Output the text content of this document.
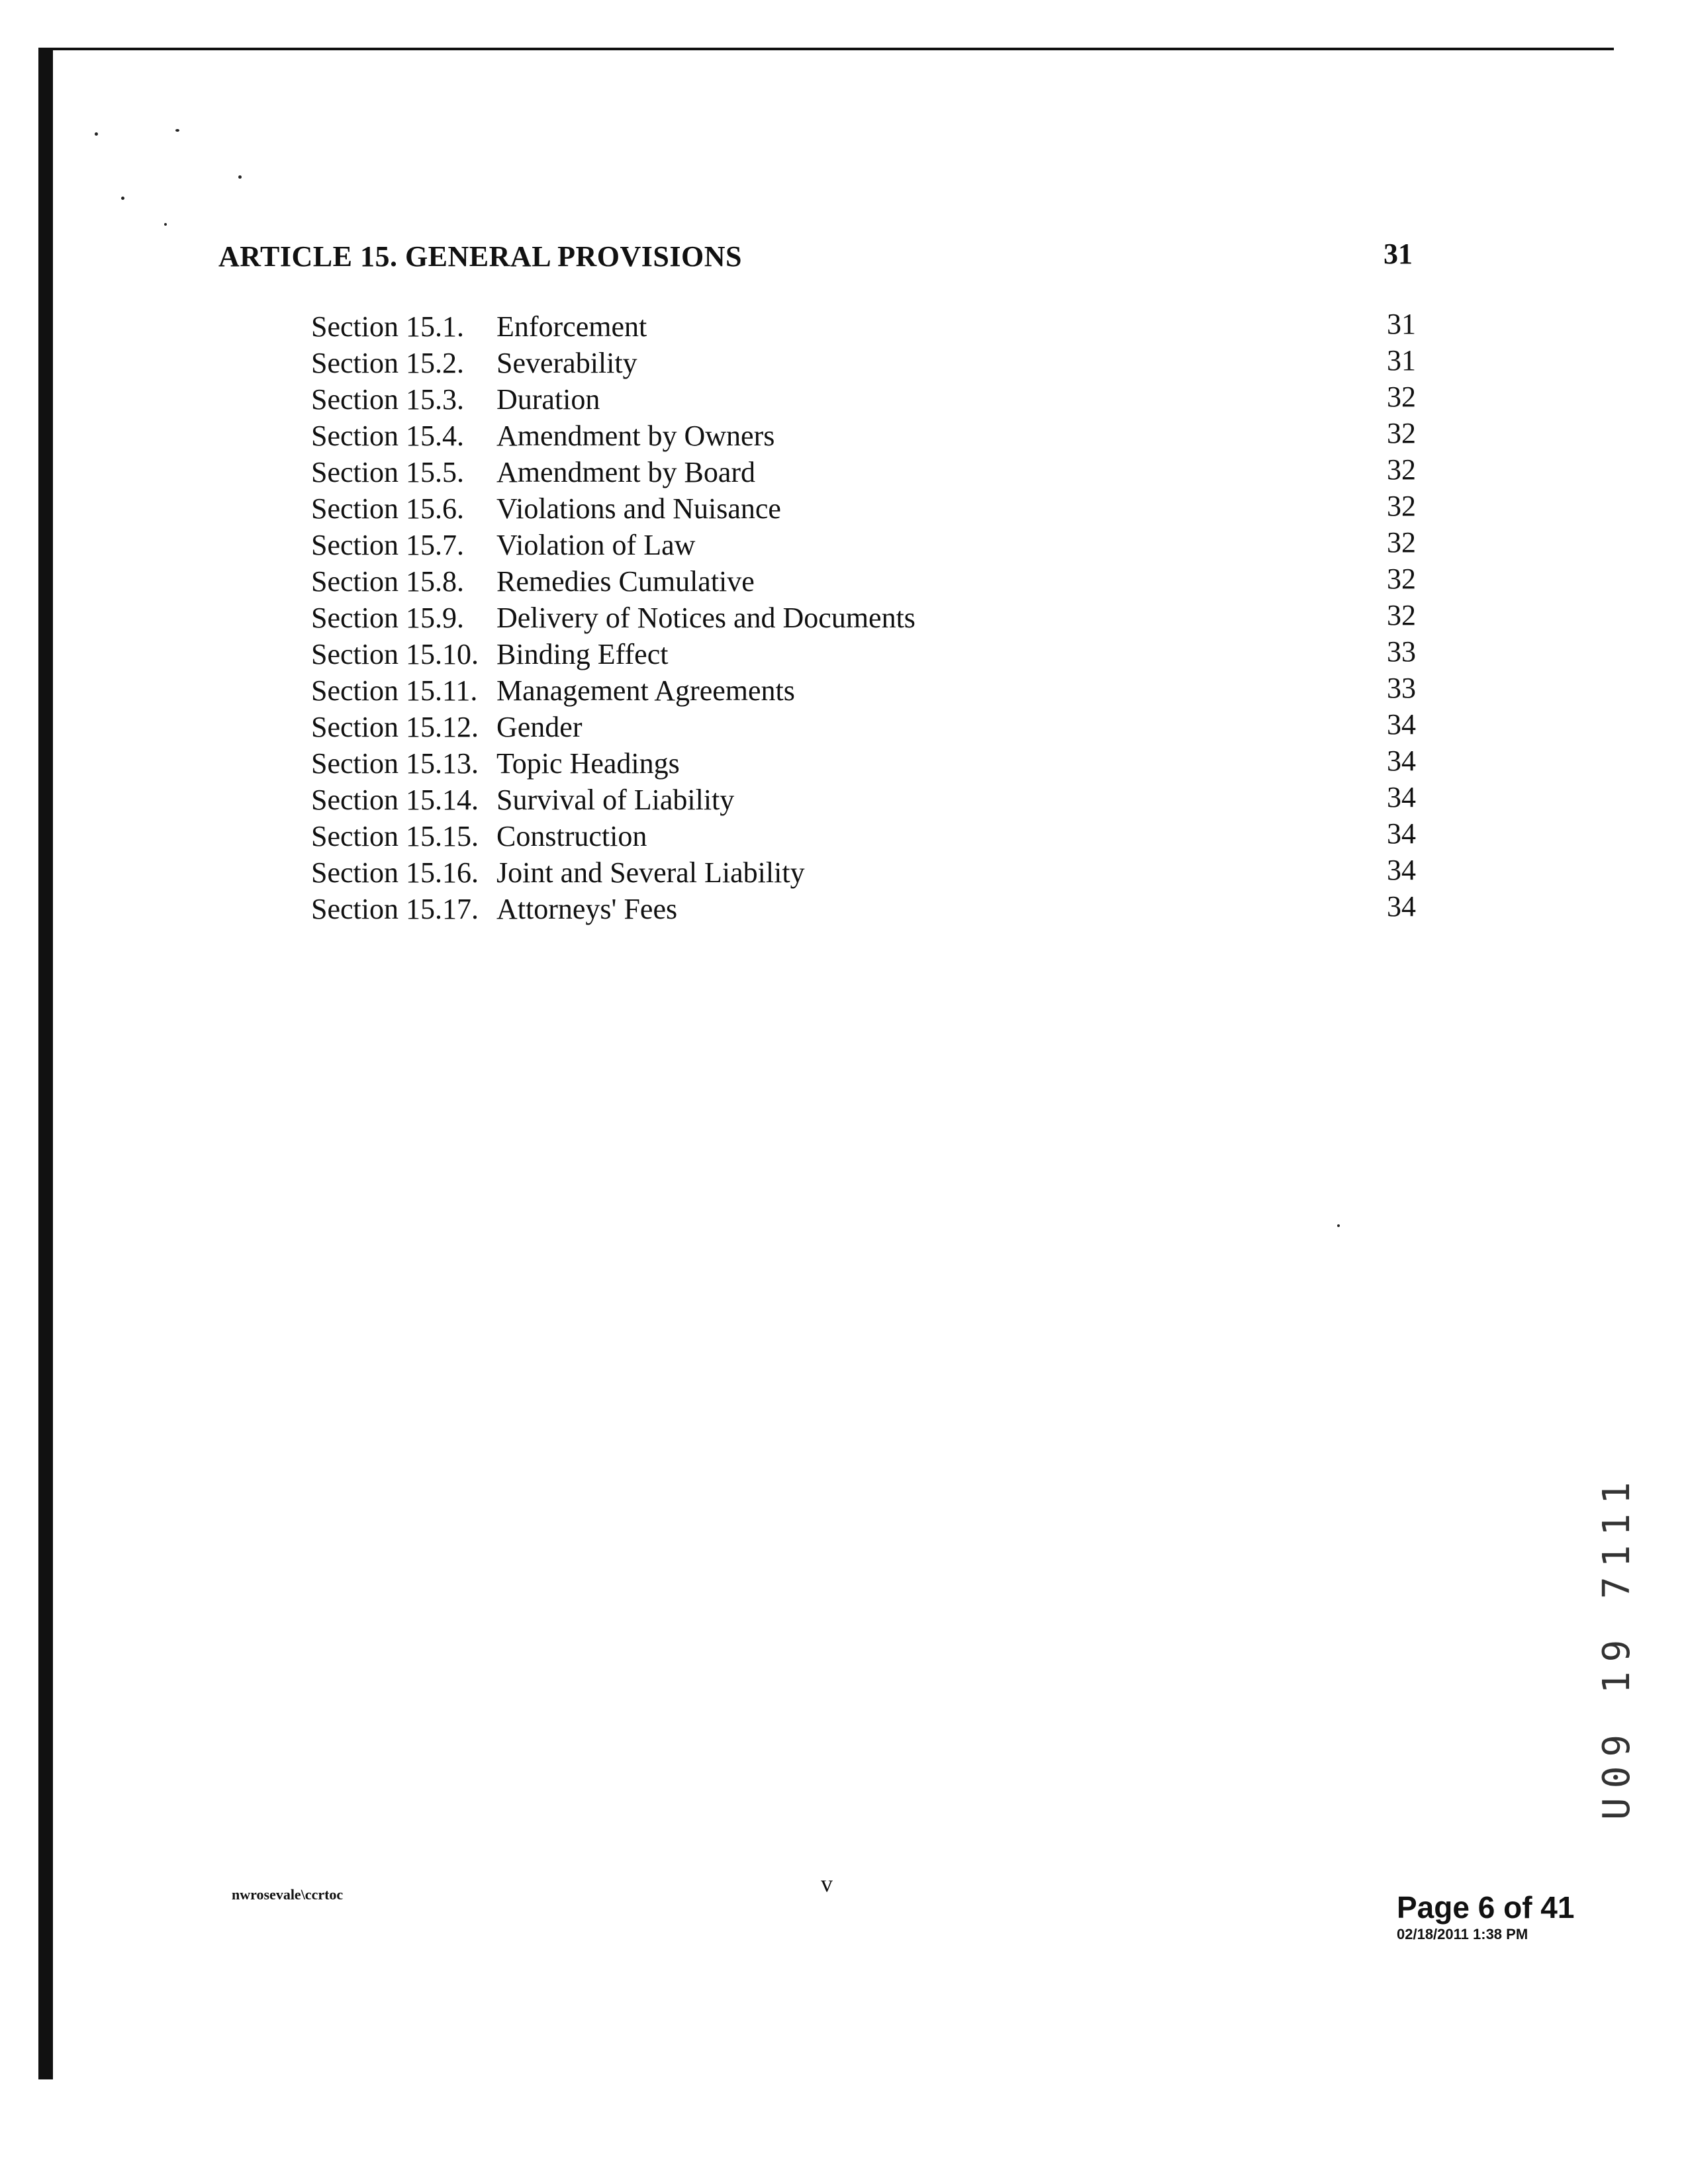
ARTICLE 15. GENERAL PROVISIONS	31
Section 15.1. Enforcement	31
Section 15.2. Severability	31
Section 15.3. Duration	32
Section 15.4. Amendment by Owners	32
Section 15.5. Amendment by Board	32
Section 15.6. Violations and Nuisance	32
Section 15.7. Violation of Law	32
Section 15.8. Remedies Cumulative	32
Section 15.9. Delivery of Notices and Documents	32
Section 15.10. Binding Effect	33
Section 15.11. Management Agreements	33
Section 15.12. Gender	34
Section 15.13. Topic Headings	34
Section 15.14. Survival of Liability	34
Section 15.15. Construction	34
Section 15.16. Joint and Several Liability	34
Section 15.17. Attorneys' Fees	34
nwrosevale\ccrtoc	v
Page 6 of 41
02/18/2011 1:38 PM
U09 19 7111
